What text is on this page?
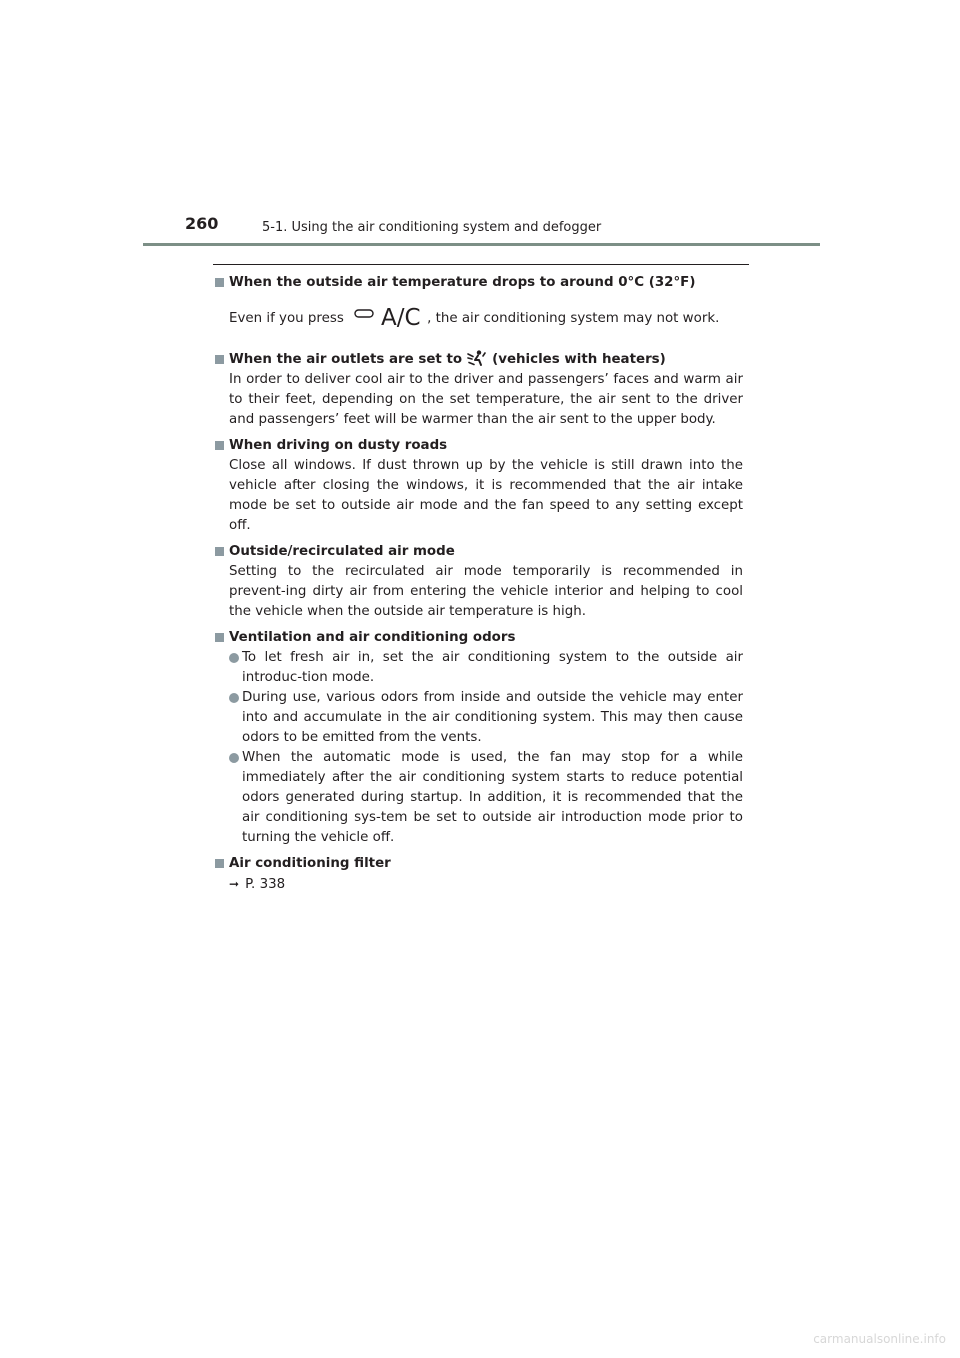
260	5-1. Using the air conditioning system and defogger
When the outside air temperature drops to around 0°C (32°F)
Even if you press A/C , the air conditioning system may not work.
When the air outlets are set to (vehicles with heaters)
In order to deliver cool air to the driver and passengers’ faces and warm air to their feet, depending on the set temperature, the air sent to the driver and passengers’ feet will be warmer than the air sent to the upper body.
When driving on dusty roads
Close all windows. If dust thrown up by the vehicle is still drawn into the vehicle after closing the windows, it is recommended that the air intake mode be set to outside air mode and the fan speed to any setting except off.
Outside/recirculated air mode
Setting to the recirculated air mode temporarily is recommended in prevent-ing dirty air from entering the vehicle interior and helping to cool the vehicle when the outside air temperature is high.
Ventilation and air conditioning odors
To let fresh air in, set the air conditioning system to the outside air introduc-tion mode.
During use, various odors from inside and outside the vehicle may enter into and accumulate in the air conditioning system. This may then cause odors to be emitted from the vents.
When the automatic mode is used, the fan may stop for a while immediately after the air conditioning system starts to reduce potential odors generated during startup. In addition, it is recommended that the air conditioning sys-tem be set to outside air introduction mode prior to turning the vehicle off.
Air conditioning filter
➞ P. 338
carmanualsonline.info
